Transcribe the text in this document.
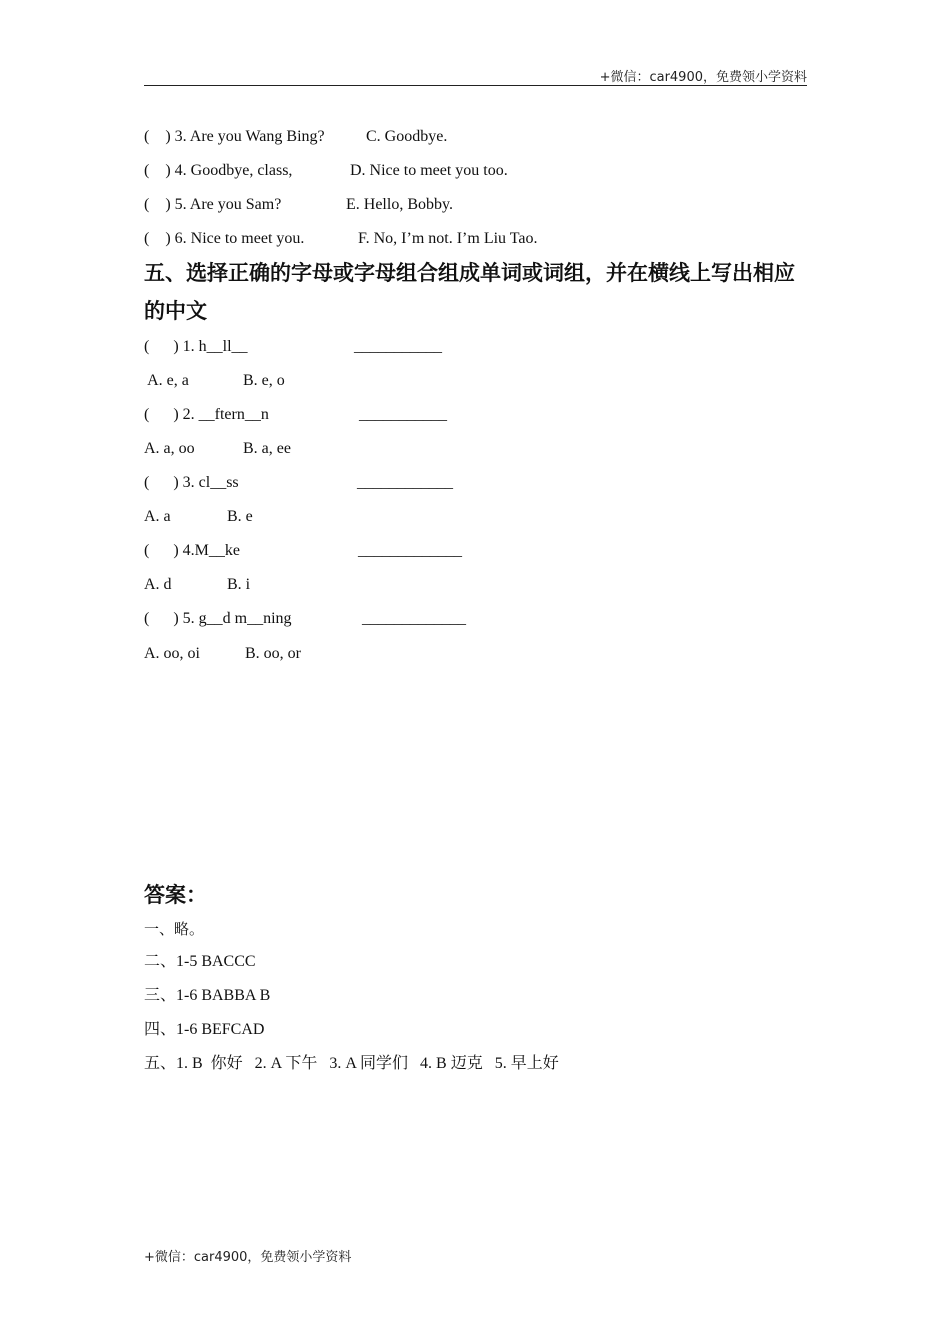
+微信：car4900，免费领小学资料
(    ) 3. Are you Wang Bing?	C. Goodbye.
(    ) 4. Goodbye, class,	D. Nice to meet you too.
(    ) 5. Are you Sam?	E. Hello, Bobby.
(    ) 6. Nice to meet you.	F. No, I’m not. I’m Liu Tao.
五、选择正确的字母或字母组合组成单词或词组，并在横线上写出相应的中文
(      ) 1. h__ll__	___________
A. e, a	B. e, o
(      ) 2. __ftern__n	___________
A. a, oo	B. a, ee
(      ) 3. cl__ss	____________
A. a	B. e
(      ) 4.M__ke	_____________
A. d	B. i
(      ) 5. g__d m__ning	_____________
A. oo, oi	B. oo, or
答案：
一、略。
二、1-5 BACCC
三、1-6 BABBA B
四、1-6 BEFCAD
五、1. B  你好   2. A 下午   3. A 同学们   4. B 迈克   5. 早上好
+微信：car4900，免费领小学资料
